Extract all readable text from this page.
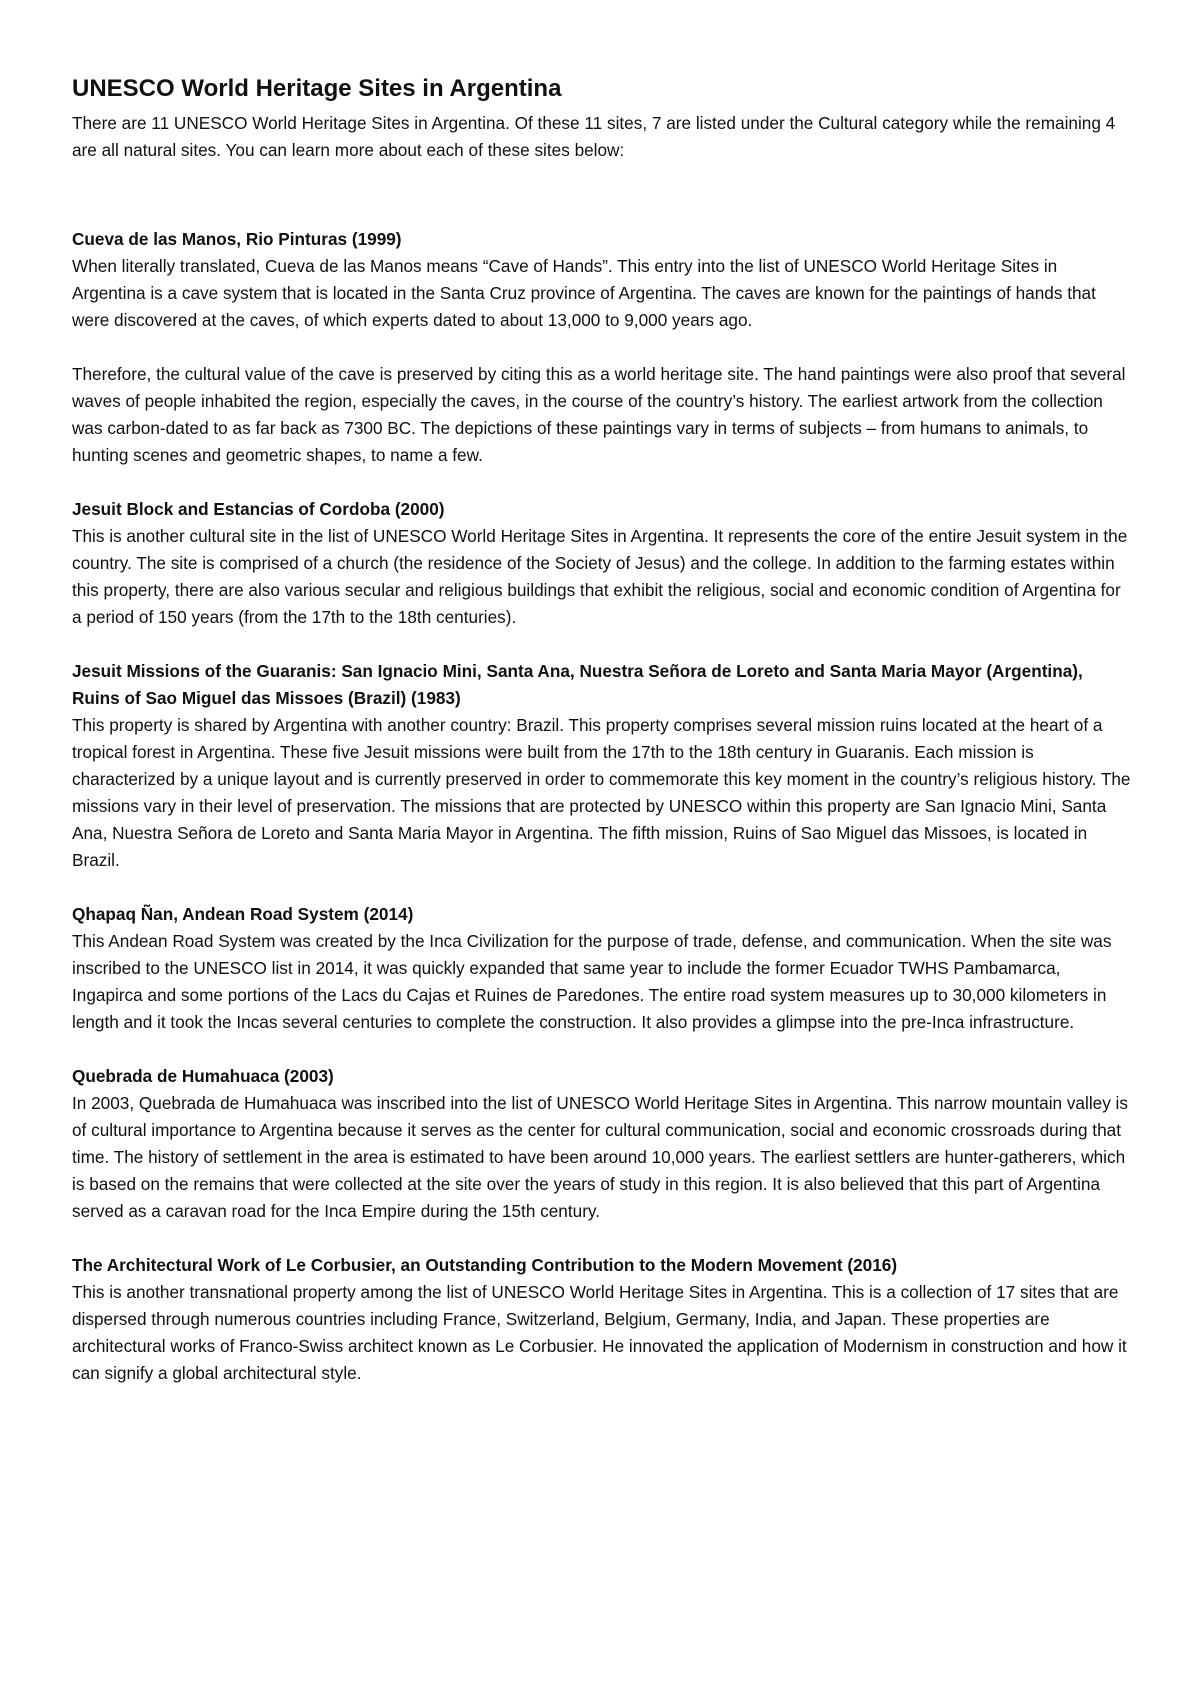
UNESCO World Heritage Sites in Argentina

There are 11 UNESCO World Heritage Sites in Argentina. Of these 11 sites, 7 are listed under the Cultural category while the remaining 4 are all natural sites. You can learn more about each of these sites below:

Cueva de las Manos, Rio Pinturas (1999)

When literally translated, Cueva de las Manos means “Cave of Hands”. This entry into the list of UNESCO World Heritage Sites in Argentina is a cave system that is located in the Santa Cruz province of Argentina. The caves are known for the paintings of hands that were discovered at the caves, of which experts dated to about 13,000 to 9,000 years ago.

Therefore, the cultural value of the cave is preserved by citing this as a world heritage site. The hand paintings were also proof that several waves of people inhabited the region, especially the caves, in the course of the country’s history. The earliest artwork from the collection was carbon-dated to as far back as 7300 BC. The depictions of these paintings vary in terms of subjects – from humans to animals, to hunting scenes and geometric shapes, to name a few.

Jesuit Block and Estancias of Cordoba (2000)

This is another cultural site in the list of UNESCO World Heritage Sites in Argentina. It represents the core of the entire Jesuit system in the country. The site is comprised of a church (the residence of the Society of Jesus) and the college. In addition to the farming estates within this property, there are also various secular and religious buildings that exhibit the religious, social and economic condition of Argentina for a period of 150 years (from the 17th to the 18th centuries).

Jesuit Missions of the Guaranis: San Ignacio Mini, Santa Ana, Nuestra Señora de Loreto and Santa Maria Mayor (Argentina), Ruins of Sao Miguel das Missoes (Brazil) (1983)

This property is shared by Argentina with another country: Brazil. This property comprises several mission ruins located at the heart of a tropical forest in Argentina. These five Jesuit missions were built from the 17th to the 18th century in Guaranis. Each mission is characterized by a unique layout and is currently preserved in order to commemorate this key moment in the country’s religious history. The missions vary in their level of preservation. The missions that are protected by UNESCO within this property are San Ignacio Mini, Santa Ana, Nuestra Señora de Loreto and Santa Maria Mayor in Argentina. The fifth mission, Ruins of Sao Miguel das Missoes, is located in Brazil.

Qhapaq Ñan, Andean Road System (2014)

This Andean Road System was created by the Inca Civilization for the purpose of trade, defense, and communication. When the site was inscribed to the UNESCO list in 2014, it was quickly expanded that same year to include the former Ecuador TWHS Pambamarca, Ingapirca and some portions of the Lacs du Cajas et Ruines de Paredones. The entire road system measures up to 30,000 kilometers in length and it took the Incas several centuries to complete the construction. It also provides a glimpse into the pre-Inca infrastructure.

Quebrada de Humahuaca (2003)

In 2003, Quebrada de Humahuaca was inscribed into the list of UNESCO World Heritage Sites in Argentina. This narrow mountain valley is of cultural importance to Argentina because it serves as the center for cultural communication, social and economic crossroads during that time. The history of settlement in the area is estimated to have been around 10,000 years. The earliest settlers are hunter-gatherers, which is based on the remains that were collected at the site over the years of study in this region. It is also believed that this part of Argentina served as a caravan road for the Inca Empire during the 15th century.

The Architectural Work of Le Corbusier, an Outstanding Contribution to the Modern Movement (2016)

This is another transnational property among the list of UNESCO World Heritage Sites in Argentina. This is a collection of 17 sites that are dispersed through numerous countries including France, Switzerland, Belgium, Germany, India, and Japan. These properties are architectural works of Franco-Swiss architect known as Le Corbusier. He innovated the application of Modernism in construction and how it can signify a global architectural style.
